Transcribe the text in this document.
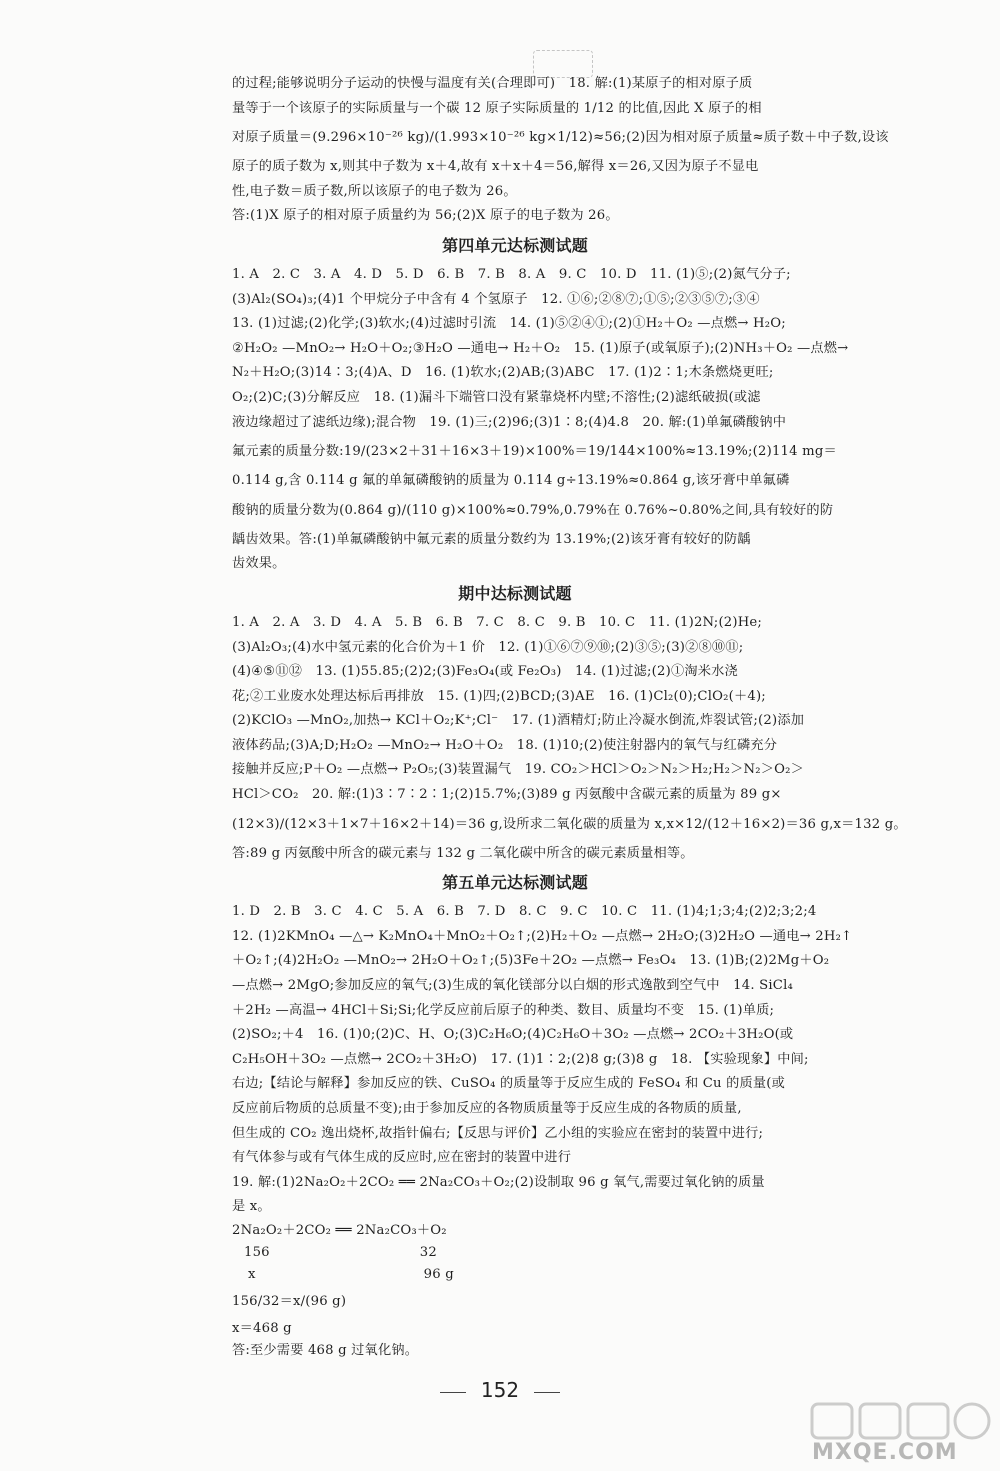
的过程;能够说明分子运动的快慢与温度有关(合理即可)　18. 解:(1)某原子的相对原子质
量等于一个该原子的实际质量与一个碳 12 原子实际质量的 1/12 的比值,因此 X 原子的相
对原子质量＝(9.296×10⁻²⁶ kg)/(1.993×10⁻²⁶ kg×1/12)≈56;(2)因为相对原子质量≈质子数＋中子数,设该
原子的质子数为 x,则其中子数为 x＋4,故有 x＋x＋4＝56,解得 x＝26,又因为原子不显电
性,电子数＝质子数,所以该原子的电子数为 26。
答:(1)X 原子的相对原子质量约为 56;(2)X 原子的电子数为 26。
第四单元达标测试题
1. A　2. C　3. A　4. D　5. D　6. B　7. B　8. A　9. C　10. D　11. (1)⑤;(2)氮气分子;
(3)Al₂(SO₄)₃;(4)1 个甲烷分子中含有 4 个氢原子　12. ①⑥;②⑧⑦;①⑤;②③⑤⑦;③④
13. (1)过滤;(2)化学;(3)软水;(4)过滤时引流　14. (1)⑤②④①;(2)①H₂＋O₂ —点燃→ H₂O;
②H₂O₂ —MnO₂→ H₂O＋O₂;③H₂O —通电→ H₂＋O₂　15. (1)原子(或氧原子);(2)NH₃＋O₂ —点燃→
N₂＋H₂O;(3)14∶3;(4)A、D　16. (1)软水;(2)AB;(3)ABC　17. (1)2∶1;木条燃烧更旺;
O₂;(2)C;(3)分解反应　18. (1)漏斗下端管口没有紧靠烧杯内壁;不溶性;(2)滤纸破损(或滤
液边缘超过了滤纸边缘);混合物　19. (1)三;(2)96;(3)1∶8;(4)4.8　20. 解:(1)单氟磷酸钠中
氟元素的质量分数:19/(23×2＋31＋16×3＋19)×100%＝19/144×100%≈13.19%;(2)114 mg＝
0.114 g,含 0.114 g 氟的单氟磷酸钠的质量为 0.114 g÷13.19%≈0.864 g,该牙膏中单氟磷
酸钠的质量分数为(0.864 g)/(110 g)×100%≈0.79%,0.79%在 0.76%~0.80%之间,具有较好的防
龋齿效果。答:(1)单氟磷酸钠中氟元素的质量分数约为 13.19%;(2)该牙膏有较好的防龋
齿效果。
期中达标测试题
1. A　2. A　3. D　4. A　5. B　6. B　7. C　8. C　9. B　10. C　11. (1)2N;(2)He;
(3)Al₂O₃;(4)水中氢元素的化合价为＋1 价　12. (1)①⑥⑦⑨⑩;(2)③⑤;(3)②⑧⑩⑪;
(4)④⑤⑪⑫　13. (1)55.85;(2)2;(3)Fe₃O₄(或 Fe₂O₃)　14. (1)过滤;(2)①淘米水浇
花;②工业废水处理达标后再排放　15. (1)四;(2)BCD;(3)AE　16. (1)Cl₂(0);ClO₂(＋4);
(2)KClO₃ —MnO₂,加热→ KCl＋O₂;K⁺;Cl⁻　17. (1)酒精灯;防止冷凝水倒流,炸裂试管;(2)添加
液体药品;(3)A;D;H₂O₂ —MnO₂→ H₂O＋O₂　18. (1)10;(2)使注射器内的氧气与红磷充分
接触并反应;P＋O₂ —点燃→ P₂O₅;(3)装置漏气　19. CO₂＞HCl＞O₂＞N₂＞H₂;H₂＞N₂＞O₂＞
HCl＞CO₂　20. 解:(1)3∶7∶2∶1;(2)15.7%;(3)89 g 丙氨酸中含碳元素的质量为 89 g×
(12×3)/(12×3＋1×7＋16×2＋14)＝36 g,设所求二氧化碳的质量为 x,x×12/(12＋16×2)＝36 g,x＝132 g。
答:89 g 丙氨酸中所含的碳元素与 132 g 二氧化碳中所含的碳元素质量相等。
第五单元达标测试题
1. D　2. B　3. C　4. C　5. A　6. B　7. D　8. C　9. C　10. C　11. (1)4;1;3;4;(2)2;3;2;4
12. (1)2KMnO₄ —△→ K₂MnO₄＋MnO₂＋O₂↑;(2)H₂＋O₂ —点燃→ 2H₂O;(3)2H₂O —通电→ 2H₂↑
＋O₂↑;(4)2H₂O₂ —MnO₂→ 2H₂O＋O₂↑;(5)3Fe＋2O₂ —点燃→ Fe₃O₄　13. (1)B;(2)2Mg＋O₂
—点燃→ 2MgO;参加反应的氧气;(3)生成的氧化镁部分以白烟的形式逸散到空气中　14. SiCl₄
＋2H₂ —高温→ 4HCl＋Si;Si;化学反应前后原子的种类、数目、质量均不变　15. (1)单质;
(2)SO₂;＋4　16. (1)0;(2)C、H、O;(3)C₂H₆O;(4)C₂H₆O＋3O₂ —点燃→ 2CO₂＋3H₂O(或
C₂H₅OH＋3O₂ —点燃→ 2CO₂＋3H₂O)　17. (1)1∶2;(2)8 g;(3)8 g　18. 【实验现象】中间;
右边;【结论与解释】参加反应的铁、CuSO₄ 的质量等于反应生成的 FeSO₄ 和 Cu 的质量(或
反应前后物质的总质量不变);由于参加反应的各物质质量等于反应生成的各物质的质量,
但生成的 CO₂ 逸出烧杯,故指针偏右;【反思与评价】乙小组的实验应在密封的装置中进行;
有气体参与或有气体生成的反应时,应在密封的装置中进行
19. 解:(1)2Na₂O₂＋2CO₂ ══ 2Na₂CO₃＋O₂;(2)设制取 96 g 氧气,需要过氧化钠的质量
是 x。
2Na₂O₂＋2CO₂ ══ 2Na₂CO₃＋O₂
156	32
x	96 g
156/32＝x/(96 g)
x＝468 g
答:至少需要 468 g 过氧化钠。
152
MXQE.COM
